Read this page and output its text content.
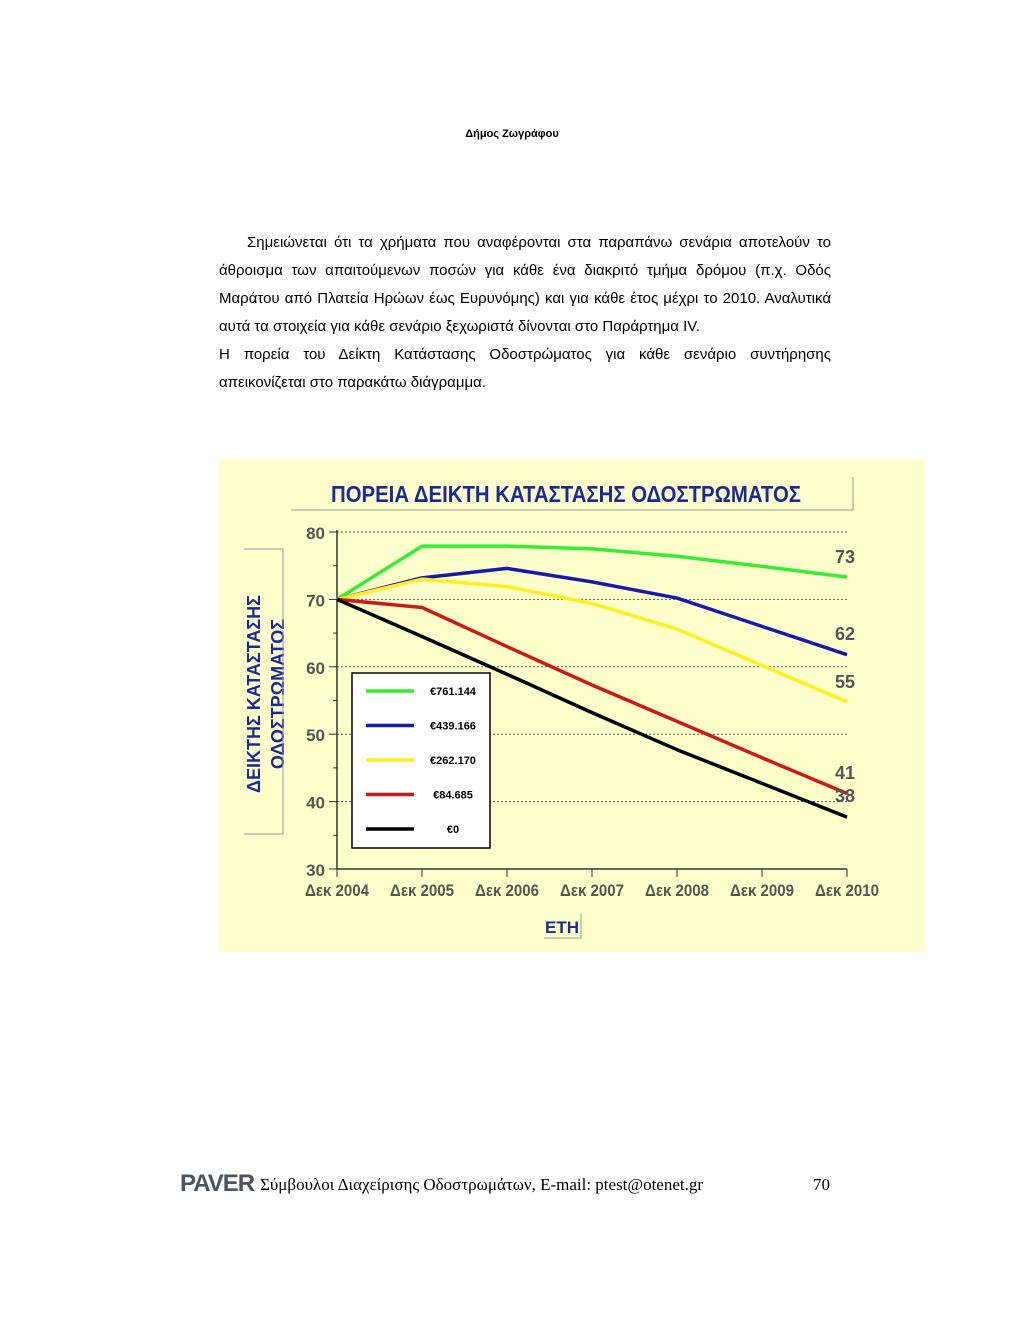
Δήμος Ζωγράφου

Σημειώνεται ότι τα χρήματα που αναφέρονται στα παραπάνω σενάρια αποτελούν το άθροισμα των απαιτούμενων ποσών για κάθε ένα διακριτό τμήμα δρόμου (π.χ. Οδός Μαράτου από Πλατεία Ηρώων έως Ευρυνόμης) και για κάθε έτος μέχρι το 2010. Αναλυτικά αυτά τα στοιχεία για κάθε σενάριο ξεχωριστά δίνονται στο Παράρτημα IV.

Η πορεία του Δείκτη Κατάστασης Οδοστρώματος για κάθε σενάριο συντήρησης απεικονίζεται στο παρακάτω διάγραμμα.

ΠΟΡΕΙΑ ΔΕΙΚΤΗ ΚΑΤΑΣΤΑΣΗΣ ΟΔΟΣΤΡΩΜΑΤΟΣ
ΔΕΙΚΤΗΣ ΚΑΤΑΣΤΑΣΗΣ ΟΔΟΣΤΡΩΜΑΤΟΣ
30
40
50
60
70
80
Δεκ 2004 Δεκ 2005 Δεκ 2006 Δεκ 2007 Δεκ 2008 Δεκ 2009 Δεκ 2010
ΕΤΗ
73
62
55
41
38
€761.144
€439.166
€262.170
€84.685
€0
PAVER Σύμβουλοι Διαχείρισης Οδοστρωμάτων, E-mail: ptest@otenet.gr	70
